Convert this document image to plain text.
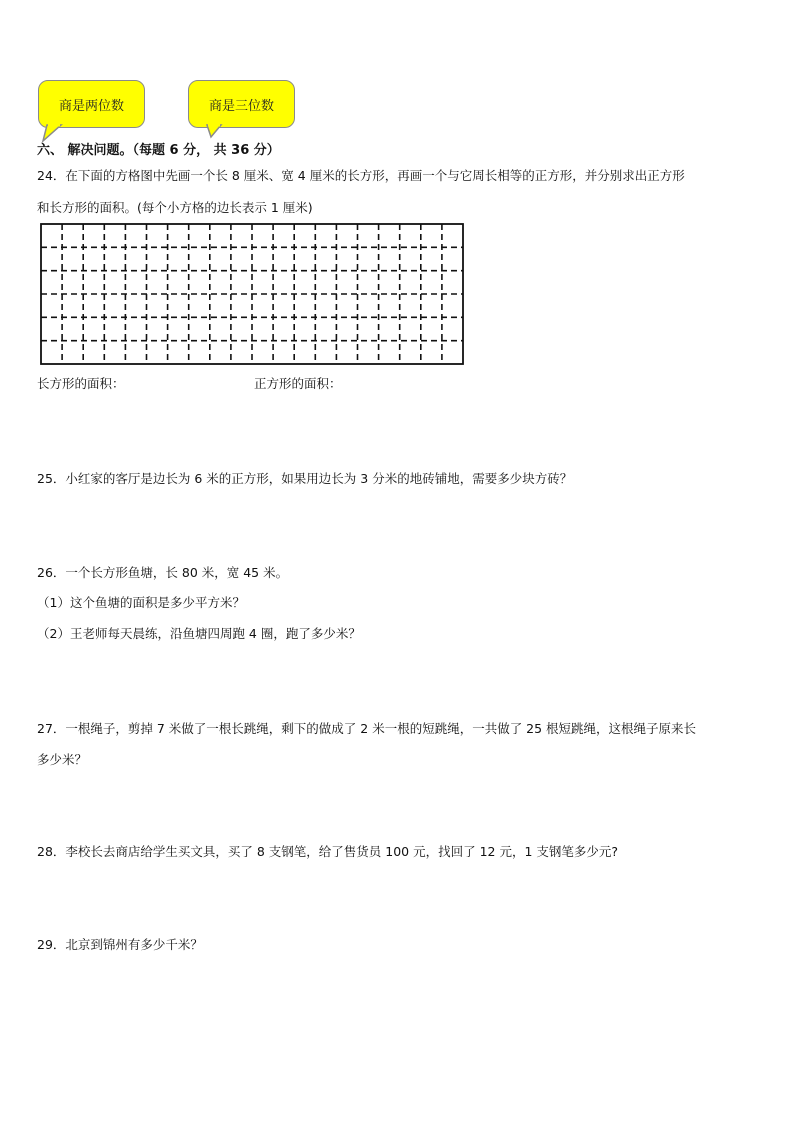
商是两位数	商是三位数
六、 解决问题。（每题 6 分， 共 36 分）
24．在下面的方格图中先画一个长 8 厘米、宽 4 厘米的长方形，再画一个与它周长相等的正方形，并分别求出正方形
和长方形的面积。(每个小方格的边长表示 1 厘米)
长方形的面积：	正方形的面积：
25．小红家的客厅是边长为 6 米的正方形，如果用边长为 3 分米的地砖铺地，需要多少块方砖？
26．一个长方形鱼塘，长 80 米，宽 45 米。
（1）这个鱼塘的面积是多少平方米？
（2）王老师每天晨练，沿鱼塘四周跑 4 圈，跑了多少米？
27．一根绳子，剪掉 7 米做了一根长跳绳，剩下的做成了 2 米一根的短跳绳，一共做了 25 根短跳绳，这根绳子原来长
多少米？
28．李校长去商店给学生买文具，买了 8 支钢笔，给了售货员 100 元，找回了 12 元，1 支钢笔多少元?
29．北京到锦州有多少千米？
